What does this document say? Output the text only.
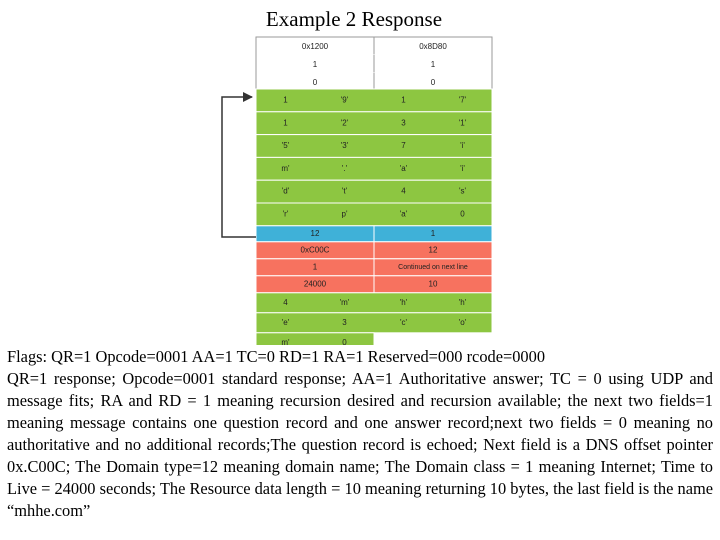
Example 2 Response
0x1200	0x8D80
1	1
0	0
1	'9'	1	'7'
1	'2'	3	'1'
'5'	'3'	7	'i'
m'	'.'	'a'	'i'
'd'	't'	4	's'
'r'	p'	'a'	0
12	1
0xC00C	12
1	Continued on next line
24000	10
4	'm'	'h'	'h'
'e'	3	'c'	'o'
m'	0

Flags: QR=1 Opcode=0001 AA=1 TC=0 RD=1 RA=1 Reserved=000 rcode=0000

QR=1 response; Opcode=0001 standard response; AA=1 Authoritative answer; TC = 0 using UDP and message fits; RA and RD = 1 meaning recursion desired and recursion available; the next two fields=1 meaning message contains one question record and one answer record;next two fields = 0 meaning no authoritative and no additional records;The question record is echoed; Next field is a DNS offset pointer 0x.C00C; The Domain type=12 meaning domain name; The Domain class = 1 meaning Internet; Time to Live = 24000 seconds; The Resource data length = 10 meaning returning 10 bytes, the last field is the name “mhhe.com”
